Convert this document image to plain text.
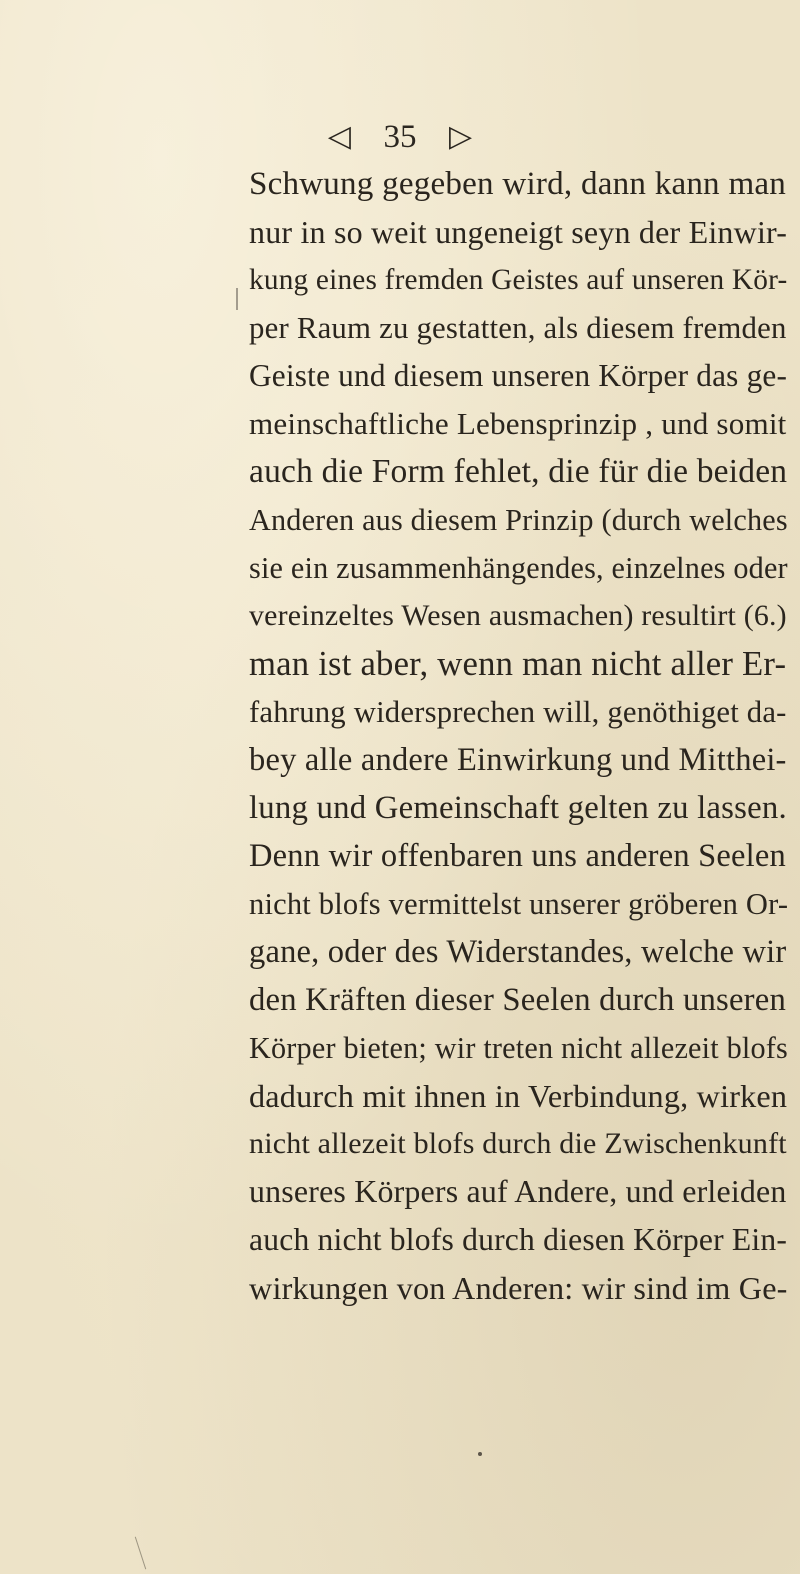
◁ 35 ▷
Schwung gegeben wird, dann kann man
nur in so weit ungeneigt seyn der Einwir-
kung eines fremden Geistes auf unseren Kör-
per Raum zu gestatten, als diesem fremden
Geiste und diesem unseren Körper das ge-
meinschaftliche Lebensprinzip , und somit
auch die Form fehlet, die für die beiden
Anderen aus diesem Prinzip (durch welches
sie ein zusammenhängendes, einzelnes oder
vereinzeltes Wesen ausmachen) resultirt (6.)
man ist aber, wenn man nicht aller Er-
fahrung widersprechen will, genöthiget da-
bey alle andere Einwirkung und Mitthei-
lung und Gemeinschaft gelten zu lassen.
Denn wir offenbaren uns anderen Seelen
nicht blofs vermittelst unserer gröberen Or-
gane, oder des Widerstandes, welche wir
den Kräften dieser Seelen durch unseren
Körper bieten; wir treten nicht allezeit blofs
dadurch mit ihnen in Verbindung, wirken
nicht allezeit blofs durch die Zwischenkunft
unseres Körpers auf Andere, und erleiden
auch nicht blofs durch diesen Körper Ein-
wirkungen von Anderen: wir sind im Ge-
